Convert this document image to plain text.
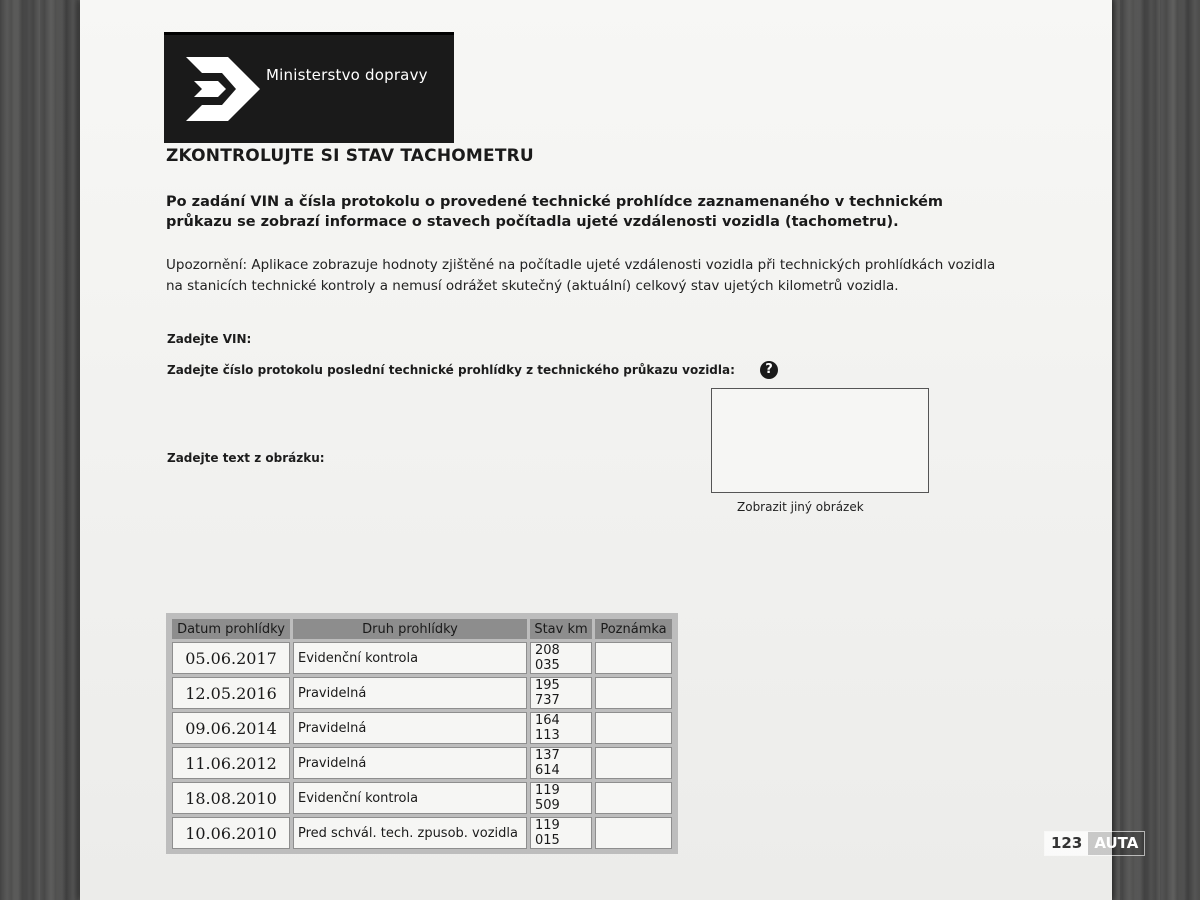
Ministerstvo dopravy
ZKONTROLUJTE SI STAV TACHOMETRU

Po zadání VIN a čísla protokolu o provedené technické prohlídce zaznamenaného v technickém průkazu se zobrazí informace o stavech počítadla ujeté vzdálenosti vozidla (tachometru).

Upozornění: Aplikace zobrazuje hodnoty zjištěné na počítadle ujeté vzdálenosti vozidla při technických prohlídkách vozidla na stanicích technické kontroly a nemusí odrážet skutečný (aktuální) celkový stav ujetých kilometrů vozidla.

Zadejte VIN:

Zadejte číslo protokolu poslední technické prohlídky z technického průkazu vozidla:	?

Zadejte text z obrázku:

Zobrazit jiný obrázek
Datum prohlídky	Druh prohlídky	Stav km	Poznámka
05.06.2017	Evidenční kontrola	208 035	
12.05.2016	Pravidelná	195 737	
09.06.2014	Pravidelná	164 113	
11.06.2012	Pravidelná	137 614	
18.08.2010	Evidenční kontrola	119 509	
10.06.2010	Pred schvál. tech. zpusob. vozidla	119 015		123 AUTA
